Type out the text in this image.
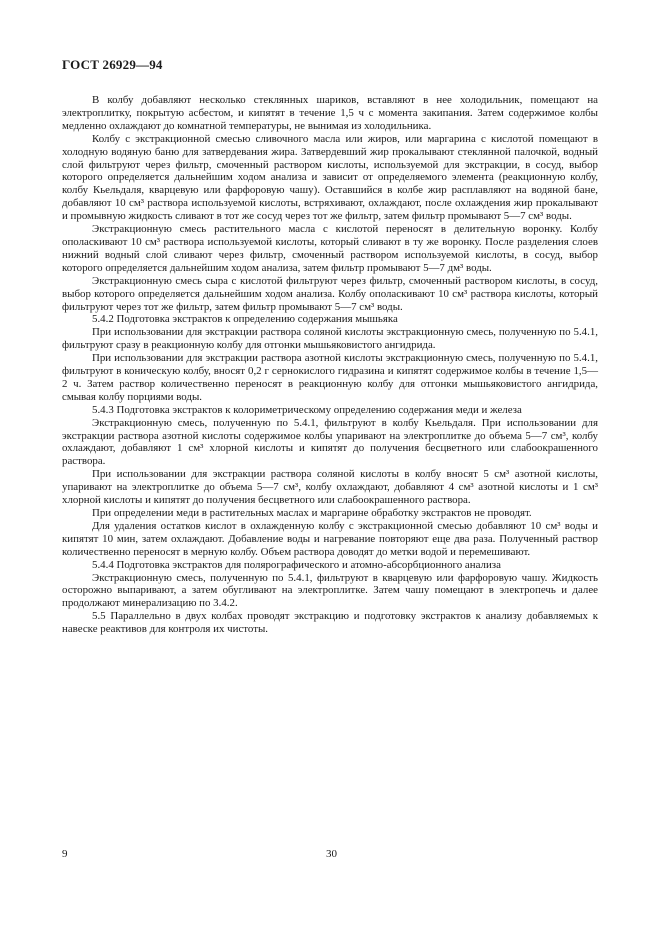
ГОСТ 26929—94

В колбу добавляют несколько стеклянных шариков, вставляют в нее холодильник, помещают на электроплитку, покрытую асбестом, и кипятят в течение 1,5 ч с момента закипания. Затем содержимое колбы медленно охлаждают до комнатной температуры, не вынимая из холодильника.

Колбу с экстракционной смесью сливочного масла или жиров, или маргарина с кислотой помещают в холодную водяную баню для затвердевания жира. Затвердевший жир прокалывают стеклянной палочкой, водный слой фильтруют через фильтр, смоченный раствором кислоты, используемой для экстракции, в сосуд, выбор которого определяется дальнейшим ходом анализа и зависит от определяемого элемента (реакционную колбу, колбу Кьельдаля, кварцевую или фарфоровую чашу). Оставшийся в колбе жир расплавляют на водяной бане, добавляют 10 см³ раствора используемой кислоты, встряхивают, охлаждают, после охлаждения жир прокалывают и промывную жидкость сливают в тот же сосуд через тот же фильтр, затем фильтр промывают 5—7 см³ воды.

Экстракционную смесь растительного масла с кислотой переносят в делительную воронку. Колбу ополаскивают 10 см³ раствора используемой кислоты, который сливают в ту же воронку. После разделения слоев нижний водный слой сливают через фильтр, смоченный раствором используемой кислоты, в сосуд, выбор которого определяется дальнейшим ходом анализа, затем фильтр промывают 5—7 дм³ воды.

Экстракционную смесь сыра с кислотой фильтруют через фильтр, смоченный раствором кислоты, в сосуд, выбор которого определяется дальнейшим ходом анализа. Колбу ополаскивают 10 см³ раствора кислоты, который фильтруют через тот же фильтр, затем фильтр промывают 5—7 см³ воды.

5.4.2 Подготовка экстрактов к определению содержания мышьяка

При использовании для экстракции раствора соляной кислоты экстракционную смесь, полученную по 5.4.1, фильтруют сразу в реакционную колбу для отгонки мышьяковистого ангидрида.

При использовании для экстракции раствора азотной кислоты экстракционную смесь, полученную по 5.4.1, фильтруют в коническую колбу, вносят 0,2 г сернокислого гидразина и кипятят содержимое колбы в течение 1,5—2 ч. Затем раствор количественно переносят в реакционную колбу для отгонки мышьяковистого ангидрида, смывая колбу порциями воды.

5.4.3 Подготовка экстрактов к колориметрическому определению содержания меди и железа

Экстракционную смесь, полученную по 5.4.1, фильтруют в колбу Кьельдаля. При использовании для экстракции раствора азотной кислоты содержимое колбы упаривают на электроплитке до объема 5—7 см³, колбу охлаждают, добавляют 1 см³ хлорной кислоты и кипятят до получения бесцветного или слабоокрашенного раствора.

При использовании для экстракции раствора соляной кислоты в колбу вносят 5 см³ азотной кислоты, упаривают на электроплитке до объема 5—7 см³, колбу охлаждают, добавляют 4 см³ азотной кислоты и 1 см³ хлорной кислоты и кипятят до получения бесцветного или слабоокрашенного раствора.

При определении меди в растительных маслах и маргарине обработку экстрактов не проводят.

Для удаления остатков кислот в охлажденную колбу с экстракционной смесью добавляют 10 см³ воды и кипятят 10 мин, затем охлаждают. Добавление воды и нагревание повторяют еще два раза. Полученный раствор количественно переносят в мерную колбу. Объем раствора доводят до метки водой и перемешивают.

5.4.4 Подготовка экстрактов для полярографического и атомно-абсорбционного анализа

Экстракционную смесь, полученную по 5.4.1, фильтруют в кварцевую или фарфоровую чашу. Жидкость осторожно выпаривают, а затем обугливают на электроплитке. Затем чашу помещают в электропечь и далее продолжают минерализацию по 3.4.2.

5.5 Параллельно в двух колбах проводят экстракцию и подготовку экстрактов к анализу добавляемых к навеске реактивов для контроля их чистоты.

9	30
